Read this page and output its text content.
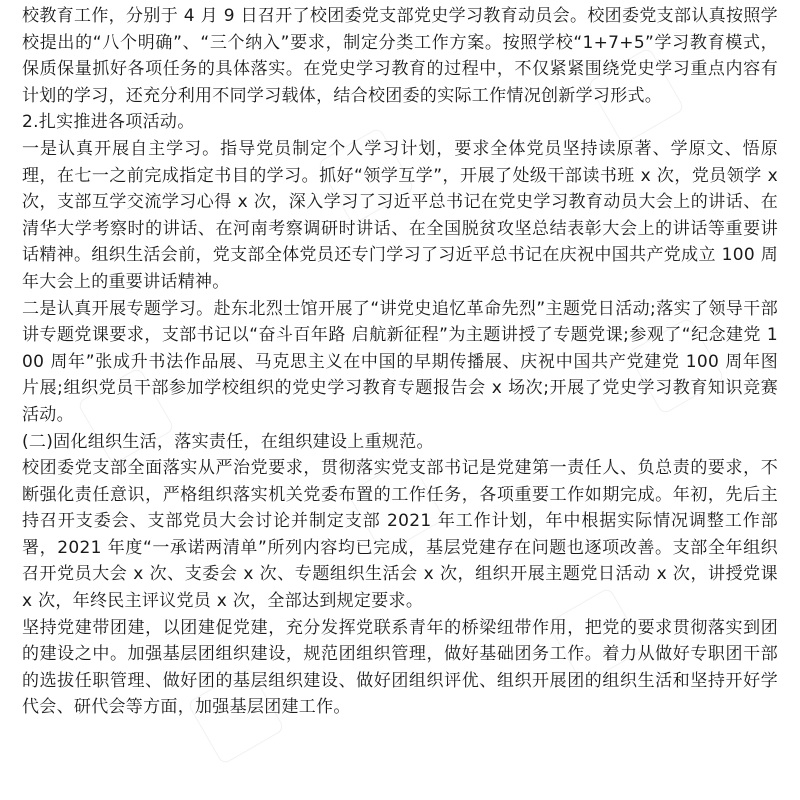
校教育工作，分别于 4 月 9 日召开了校团委党支部党史学习教育动员会。校团委党支部认真按照学校提出的“八个明确”、“三个纳入”要求，制定分类工作方案。按照学校“1+7+5”学习教育模式，保质保量抓好各项任务的具体落实。在党史学习教育的过程中，不仅紧紧围绕党史学习重点内容有计划的学习，还充分利用不同学习载体，结合校团委的实际工作情况创新学习形式。

2.扎实推进各项活动。

一是认真开展自主学习。指导党员制定个人学习计划，要求全体党员坚持读原著、学原文、悟原理，在七一之前完成指定书目的学习。抓好“领学互学”，开展了处级干部读书班 x 次，党员领学 x 次，支部互学交流学习心得 x 次，深入学习了习近平总书记在党史学习教育动员大会上的讲话、在清华大学考察时的讲话、在河南考察调研时讲话、在全国脱贫攻坚总结表彰大会上的讲话等重要讲话精神。组织生活会前，党支部全体党员还专门学习了习近平总书记在庆祝中国共产党成立 100 周年大会上的重要讲话精神。

二是认真开展专题学习。赴东北烈士馆开展了“讲党史追忆革命先烈”主题党日活动;落实了领导干部讲专题党课要求，支部书记以“奋斗百年路 启航新征程”为主题讲授了专题党课;参观了“纪念建党 100 周年”张成升书法作品展、马克思主义在中国的早期传播展、庆祝中国共产党建党 100 周年图片展;组织党员干部参加学校组织的党史学习教育专题报告会 x 场次;开展了党史学习教育知识竞赛活动。

(二)固化组织生活，落实责任，在组织建设上重规范。

校团委党支部全面落实从严治党要求，贯彻落实党支部书记是党建第一责任人、负总责的要求，不断强化责任意识，严格组织落实机关党委布置的工作任务，各项重要工作如期完成。年初，先后主持召开支委会、支部党员大会讨论并制定支部 2021 年工作计划，年中根据实际情况调整工作部署，2021 年度“一承诺两清单”所列内容均已完成，基层党建存在问题也逐项改善。支部全年组织召开党员大会 x 次、支委会 x 次、专题组织生活会 x 次，组织开展主题党日活动 x 次，讲授党课 x 次，年终民主评议党员 x 次，全部达到规定要求。

坚持党建带团建，以团建促党建，充分发挥党联系青年的桥梁纽带作用，把党的要求贯彻落实到团的建设之中。加强基层团组织建设，规范团组织管理，做好基础团务工作。着力从做好专职团干部的选拔任职管理、做好团的基层组织建设、做好团组织评优、组织开展团的组织生活和坚持开好学代会、研代会等方面，加强基层团建工作。
